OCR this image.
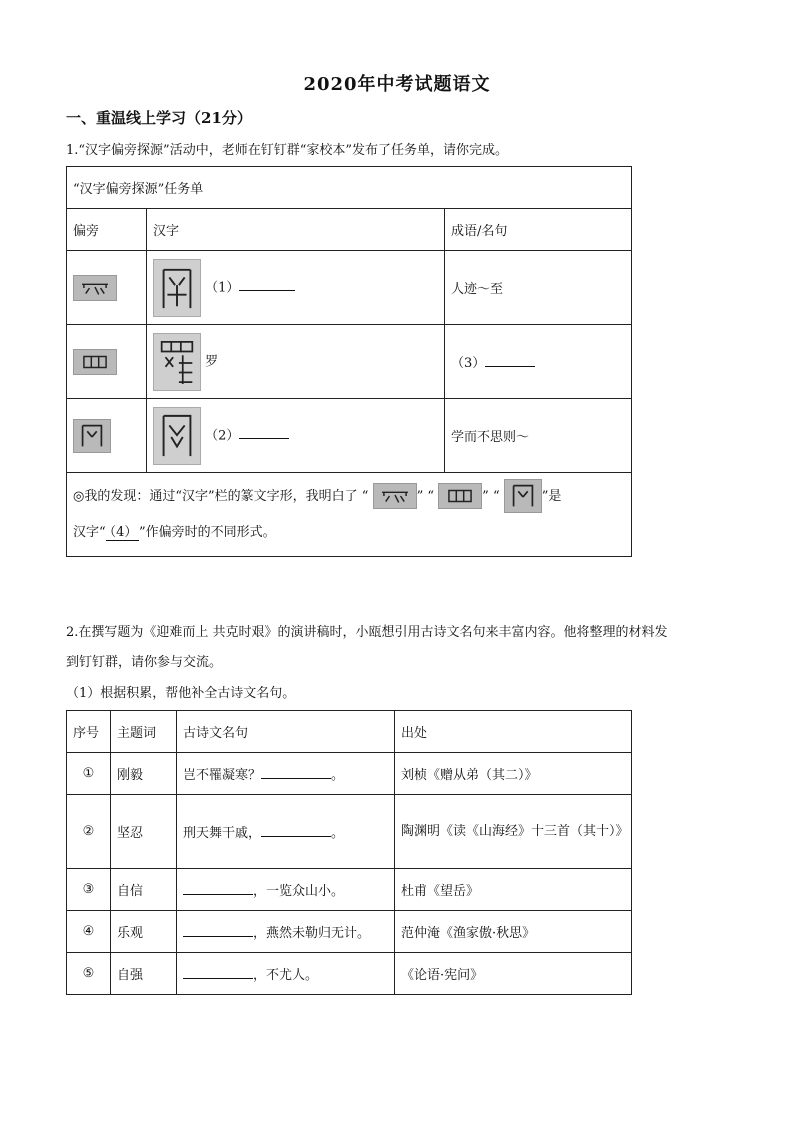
2020年中考试题语文
一、重温线上学习（21分）
1.“汉字偏旁探源”活动中，老师在钉钉群“家校本”发布了任务单，请你完成。
“汉字偏旁探源”任务单		
偏旁	汉字	成语/名句

（1）	人迹～至

罗	（3）

（2）	学而不思则～

◎我的发现：通过“汉字”栏的篆文字形，我明白了 “ ” “ ” “ ”是
汉字“ （4） ”作偏旁时的不同形式。		
2.在撰写题为《迎难而上 共克时艰》的演讲稿时，小瓯想引用古诗文名句来丰富内容。他将整理的材料发
到钉钉群，请你参与交流。
（1）根据积累，帮他补全古诗文名句。
序号	主题词	古诗文名句	出处
①	刚毅	岂不罹凝寒？ 。	刘桢《赠从弟（其二）》
②	坚忍	刑天舞干戚， 。	陶渊明《读《山海经》十三首（其十）》
③	自信	，一览众山小。	杜甫《望岳》
④	乐观	，燕然未勒归无计。	范仲淹《渔家傲·秋思》
⑤	自强	，不尤人。	《论语·宪问》
